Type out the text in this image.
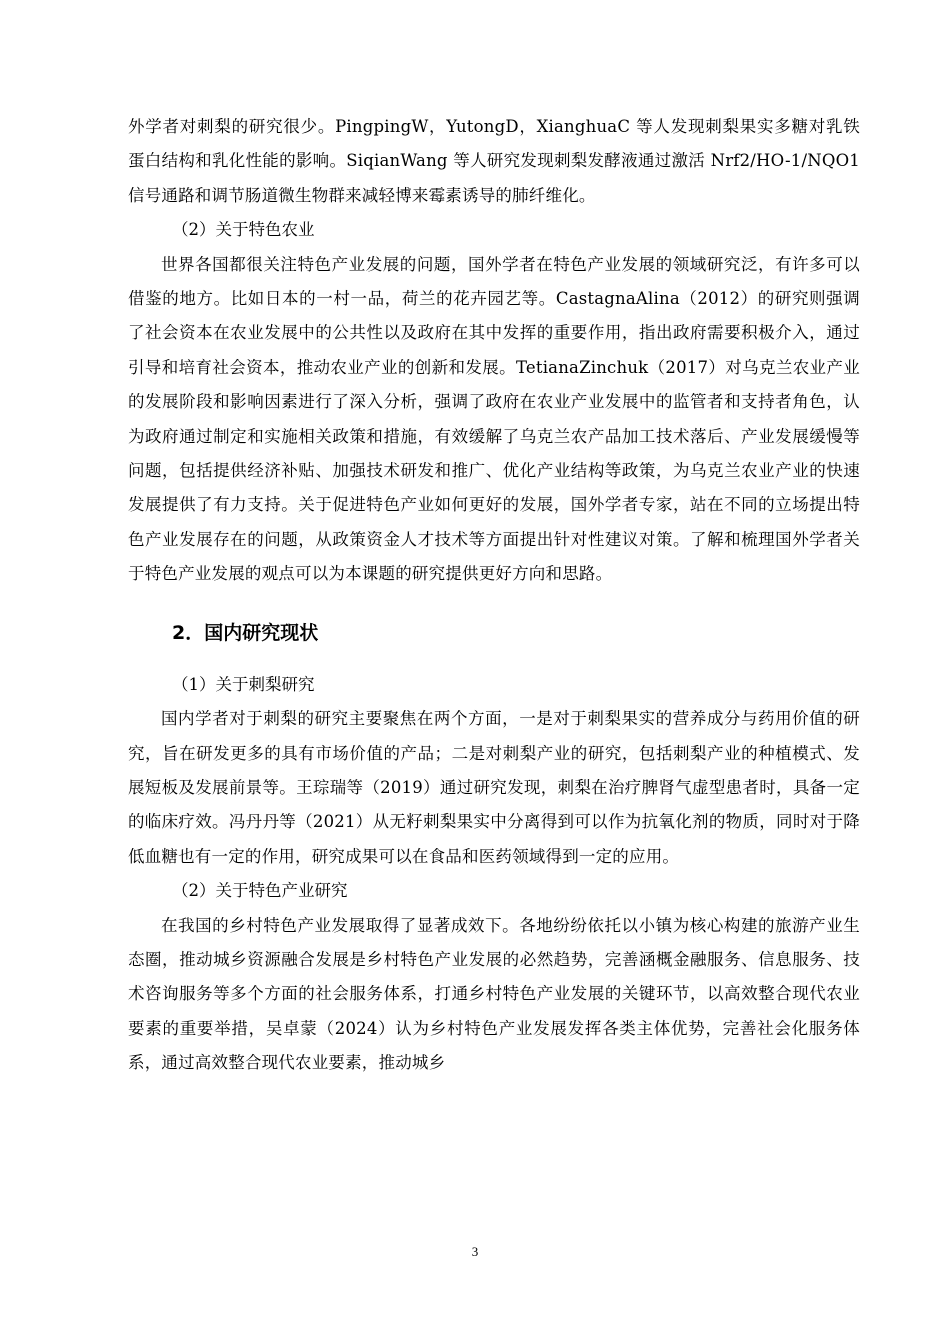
外学者对刺梨的研究很少。PingpingW，YutongD，XianghuaC 等人发现刺梨果实多糖对乳铁蛋白结构和乳化性能的影响。SiqianWang 等人研究发现刺梨发酵液通过激活 Nrf2/HO-1/NQO1 信号通路和调节肠道微生物群来减轻博来霉素诱导的肺纤维化。

（2）关于特色农业

世界各国都很关注特色产业发展的问题，国外学者在特色产业发展的领域研究泛，有许多可以借鉴的地方。比如日本的一村一品，荷兰的花卉园艺等。CastagnaAlina（2012）的研究则强调了社会资本在农业发展中的公共性以及政府在其中发挥的重要作用，指出政府需要积极介入，通过引导和培育社会资本，推动农业产业的创新和发展。TetianaZinchuk（2017）对乌克兰农业产业的发展阶段和影响因素进行了深入分析，强调了政府在农业产业发展中的监管者和支持者角色，认为政府通过制定和实施相关政策和措施，有效缓解了乌克兰农产品加工技术落后、产业发展缓慢等问题，包括提供经济补贴、加强技术研发和推广、优化产业结构等政策，为乌克兰农业产业的快速发展提供了有力支持。关于促进特色产业如何更好的发展，国外学者专家，站在不同的立场提出特色产业发展存在的问题，从政策资金人才技术等方面提出针对性建议对策。了解和梳理国外学者关于特色产业发展的观点可以为本课题的研究提供更好方向和思路。

2．国内研究现状

（1）关于刺梨研究

国内学者对于刺梨的研究主要聚焦在两个方面，一是对于刺梨果实的营养成分与药用价值的研究，旨在研发更多的具有市场价值的产品；二是对刺梨产业的研究，包括刺梨产业的种植模式、发展短板及发展前景等。王琮瑞等（2019）通过研究发现，刺梨在治疗脾肾气虚型患者时，具备一定的临床疗效。冯丹丹等（2021）从无籽刺梨果实中分离得到可以作为抗氧化剂的物质，同时对于降低血糖也有一定的作用，研究成果可以在食品和医药领域得到一定的应用。

（2）关于特色产业研究

在我国的乡村特色产业发展取得了显著成效下。各地纷纷依托以小镇为核心构建的旅游产业生态圈，推动城乡资源融合发展是乡村特色产业发展的必然趋势，完善涵概金融服务、信息服务、技术咨询服务等多个方面的社会服务体系，打通乡村特色产业发展的关键环节，以高效整合现代农业要素的重要举措，吴卓蒙（2024）认为乡村特色产业发展发挥各类主体优势，完善社会化服务体系，通过高效整合现代农业要素，推动城乡

3
